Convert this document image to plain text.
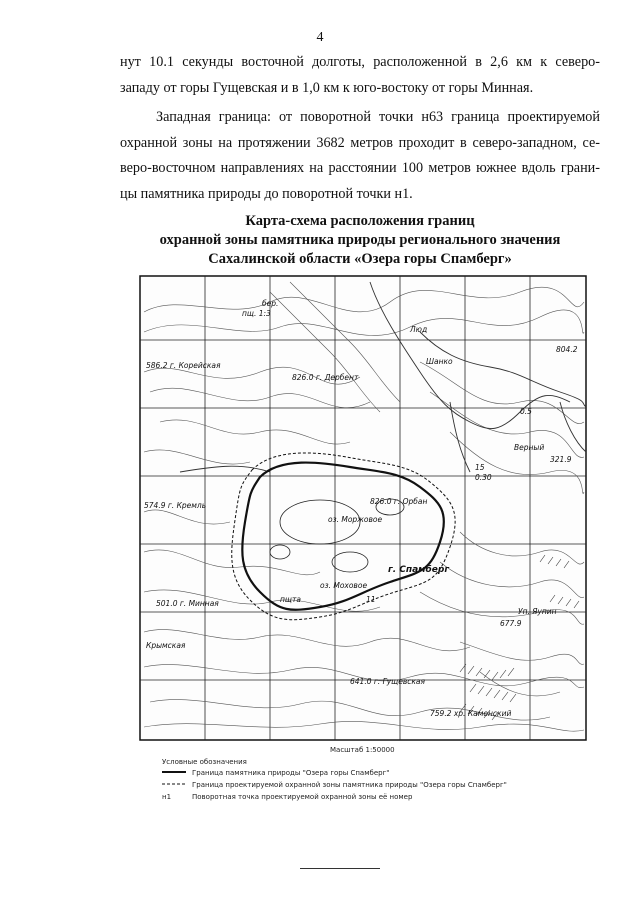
4

нут 10.1 секунды восточной долготы, расположенной в 2,6 км к северо-
западу от горы Гущевская и в 1,0 км к юго-востоку от горы Минная.

Западная граница: от поворотной точки н63 граница проектируемой
охранной зоны на протяжении 3682 метров проходит в северо-западном, се-
веро-восточном направлениях на расстоянии 100 метров южнее вдоль грани-
цы памятника природы до поворотной точки н1.

Карта-схема расположения границ
охранной зоны памятника природы регионального значения
Сахалинской области «Озера горы Спамберг»
586.2 г. Корейская
826.0 г. Дербент
574.9 г. Кремль	826.0 г. Орбан
г. Спамберг
501.0 г. Минная
641.0 г. Гущевская
759.2 хр. Каменский
Крымская
пщ. 1:3
пщта
бер.
оз. Моржовое
оз. Моховое
Шанко
Люд
Уп. Яупин
Верный
804.2
0.5
321.9
15
0.30
677.9
11
Масштаб 1:50000
Условные обозначения
Граница памятника природы "Озера горы Спамберг"
Граница проектируемой охранной зоны памятника природы "Озера горы Спамберг"
н1	Поворотная точка проектируемой охранной зоны её номер
